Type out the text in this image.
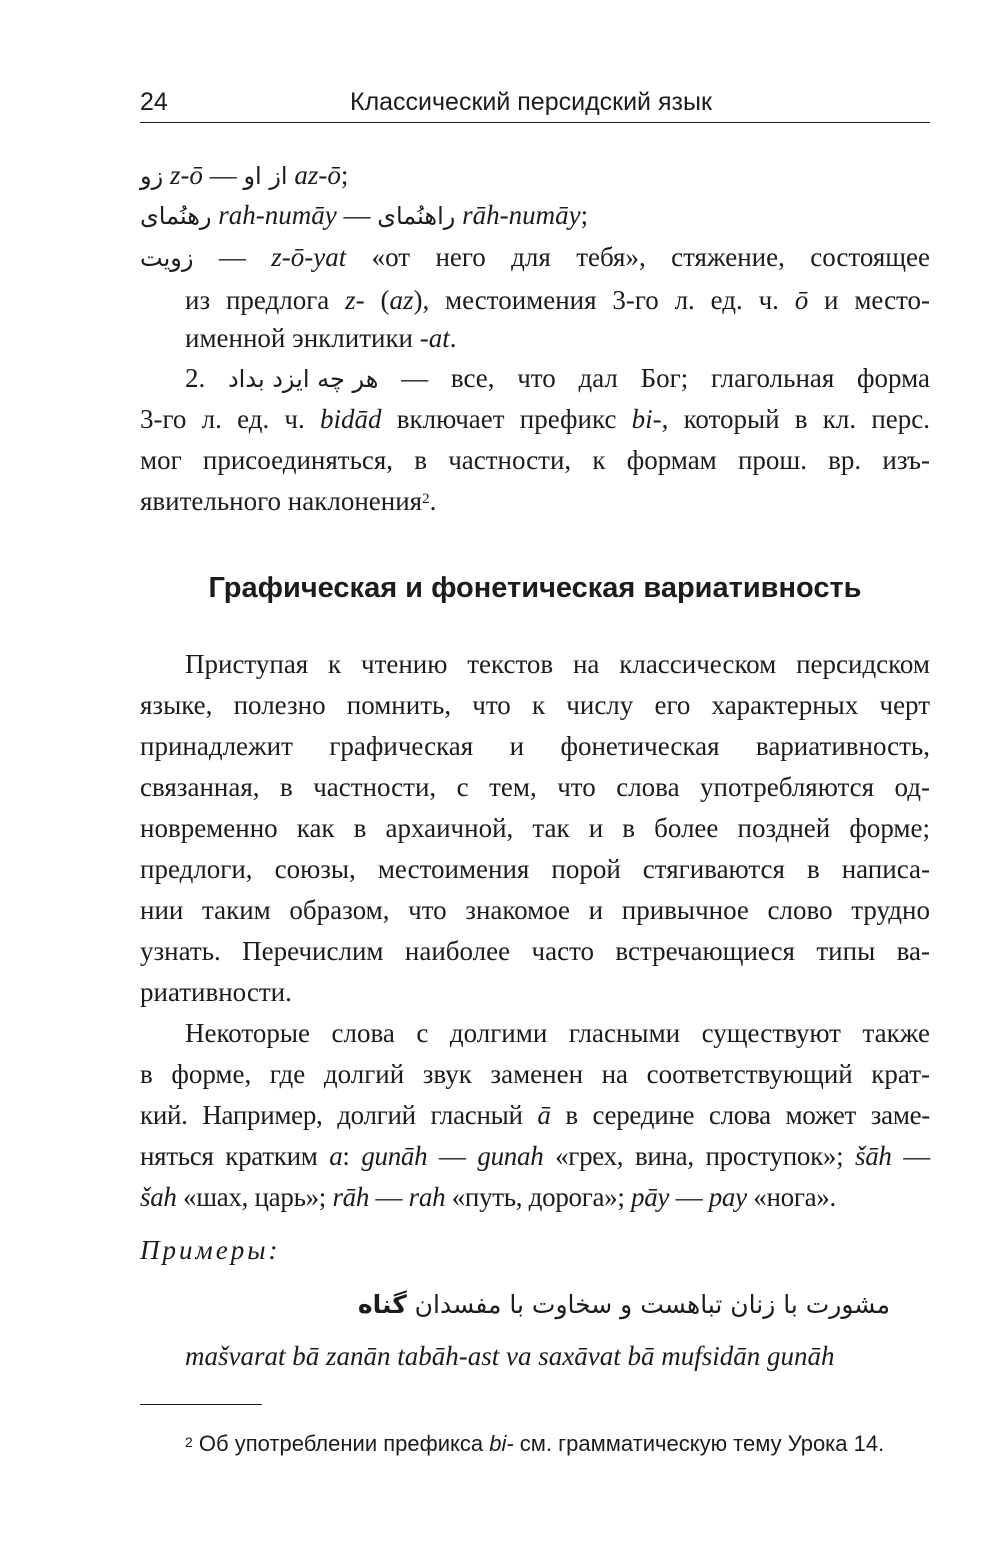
24	Классический персидский язык
زو z-ō — از او az-ō;
رهنُمای rah-numāy — راهنُمای rāh-numāy;
زويت — z-ō-yat «от него для тебя», стяжение, состоящее
из предлога z- (az), местоимения 3-го л. ед. ч. ō и место-
именной энклитики -at.
2. هر چه ایزد بداد — все, что дал Бог; глагольная форма
3-го л. ед. ч. bidād включает префикс bi-, который в кл. перс.
мог присоединяться, в частности, к формам прош. вр. изъ-
явительного наклонения$^2$.
Графическая и фонетическая вариативность
Приступая к чтению текстов на классическом персидском
языке, полезно помнить, что к числу его характерных черт
принадлежит графическая и фонетическая вариативность,
связанная, в частности, с тем, что слова употребляются од-
новременно как в архаичной, так и в более поздней форме;
предлоги, союзы, местоимения порой стягиваются в написа-
нии таким образом, что знакомое и привычное слово трудно
узнать. Перечислим наиболее часто встречающиеся типы ва-
риативности.
Некоторые слова с долгими гласными существуют также
в форме, где долгий звук заменен на соответствующий крат-
кий. Например, долгий гласный ā в середине слова может заме-
няться кратким a: gunāh — gunah «грех, вина, проступок»; šāh —
šah «шах, царь»; rāh — rah «путь, дорога»; pāy — pay «нога».
Примеры:
مشورت با زنان تباهست و سخاوت با مفسدان گناه
mašvarat bā zanān tabāh-ast va saxāvat bā mufsidān gunāh
$^2$ Об употреблении префикса bi- см. грамматическую тему Урока 14.
